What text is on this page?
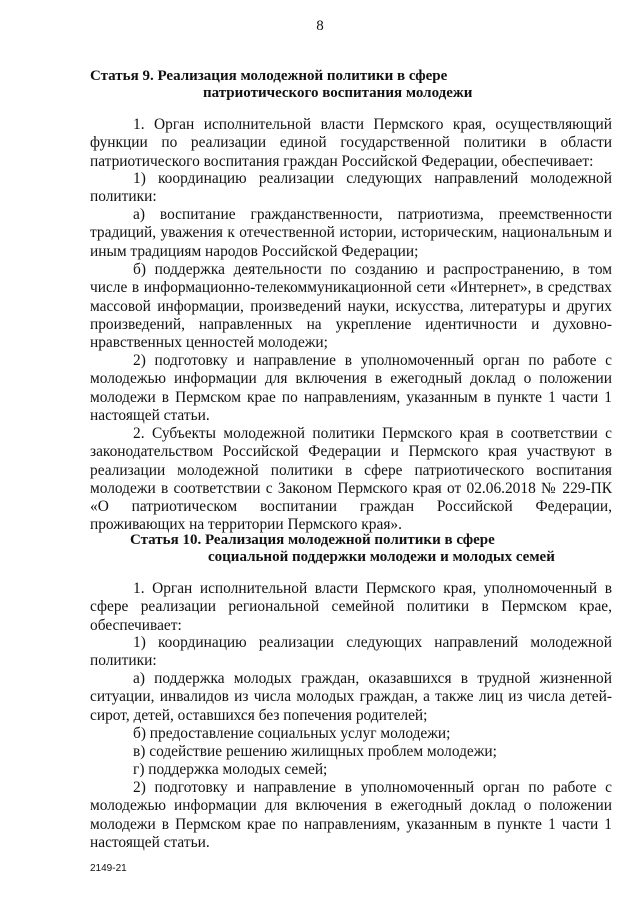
8
Статья 9. Реализация молодежной политики в сфере
патриотического воспитания молодежи

1. Орган исполнительной власти Пермского края, осуществляющий функции по реализации единой государственной политики в области патриотического воспитания граждан Российской Федерации, обеспечивает:

1) координацию реализации следующих направлений молодежной политики:

а) воспитание гражданственности, патриотизма, преемственности традиций, уважения к отечественной истории, историческим, национальным и иным традициям народов Российской Федерации;

б) поддержка деятельности по созданию и распространению, в том числе в информационно-телекоммуникационной сети «Интернет», в средствах массовой информации, произведений науки, искусства, литературы и других произведений, направленных на укрепление идентичности и духовно-нравственных ценностей молодежи;

2) подготовку и направление в уполномоченный орган по работе с молодежью информации для включения в ежегодный доклад о положении молодежи в Пермском крае по направлениям, указанным в пункте 1 части 1 настоящей статьи.

2. Субъекты молодежной политики Пермского края в соответствии с законодательством Российской Федерации и Пермского края участвуют в реализации молодежной политики в сфере патриотического воспитания молодежи в соответствии с Законом Пермского края от 02.06.2018 № 229-ПК «О патриотическом воспитании граждан Российской Федерации, проживающих на территории Пермского края».

Статья 10. Реализация молодежной политики в сфере
социальной поддержки молодежи и молодых семей

1. Орган исполнительной власти Пермского края, уполномоченный в сфере реализации региональной семейной политики в Пермском крае, обеспечивает:

1) координацию реализации следующих направлений молодежной политики:

а) поддержка молодых граждан, оказавшихся в трудной жизненной ситуации, инвалидов из числа молодых граждан, а также лиц из числа детей-сирот, детей, оставшихся без попечения родителей;

б) предоставление социальных услуг молодежи;

в) содействие решению жилищных проблем молодежи;

г) поддержка молодых семей;

2) подготовку и направление в уполномоченный орган по работе с молодежью информации для включения в ежегодный доклад о положении молодежи в Пермском крае по направлениям, указанным в пункте 1 части 1 настоящей статьи.

2149-21
